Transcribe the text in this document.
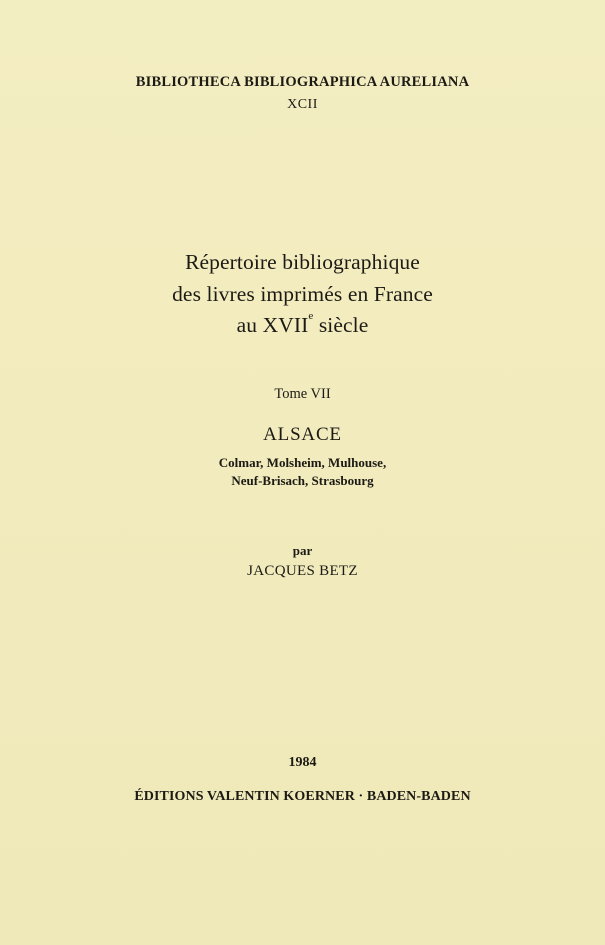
BIBLIOTHECA BIBLIOGRAPHICA AURELIANA
XCII
Répertoire bibliographique
des livres imprimés en France
au XVIIe siècle
Tome VII
ALSACE
Colmar, Molsheim, Mulhouse,
Neuf-Brisach, Strasbourg
par
JACQUES BETZ
1984
ÉDITIONS VALENTIN KOERNER · BADEN-BADEN
